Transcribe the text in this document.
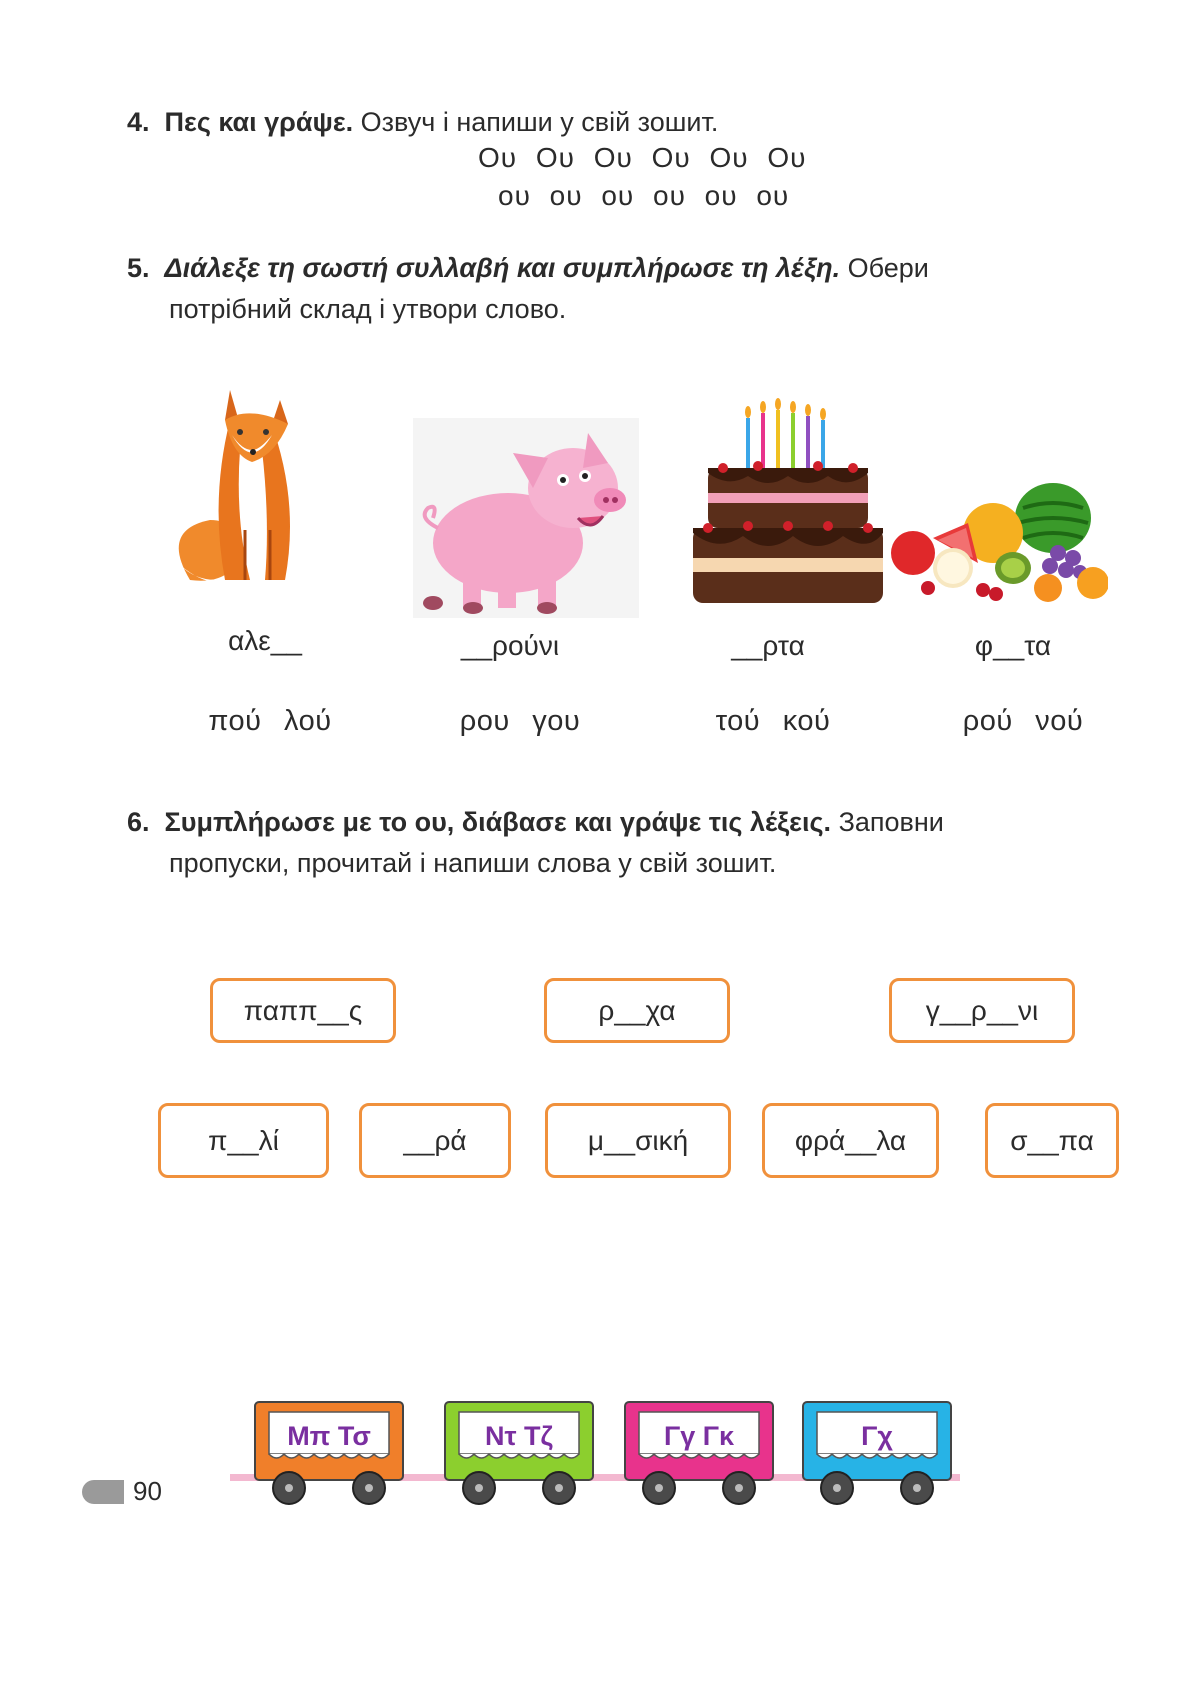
4. Πες και γράψε. Озвуч і напиши у свій зошит.
Oυ Oυ Oυ Oυ Oυ Oυ
ου ου ου ου ου ου
5. Διάλεξε τη σωστή συλλαβή και συμπλήρωσε τη λέξη. Обери
потрібний склад і утвори слово.
αλε__	__ρούνι	__ρτα	φ__τα
πού λού	ρου γου	τού κού	ρού νού
6. Συμπλήρωσε με το ου, διάβασε και γράψε τις λέξεις. Заповни
пропуски, прочитай і напиши слова у свій зошит.
παππ__ς	ρ__χα	γ__ρ__νι
π__λί	__ρά	μ__σική	φρά__λα	σ__πα
Μπ Τσ	Ντ Τζ	Γγ Γκ	Γχ
90
